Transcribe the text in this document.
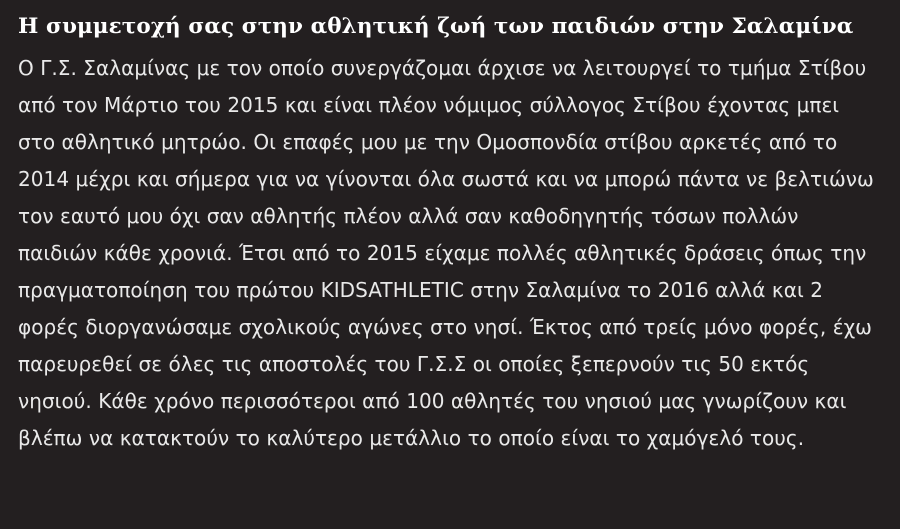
Η συμμετοχή σας στην αθλητική ζωή των παιδιών στην Σαλαμίνα

Ο Γ.Σ. Σαλαμίνας με τον οποίο συνεργάζομαι άρχισε να λειτουργεί το τμήμα Στίβου από τον Μάρτιο του 2015 και είναι πλέον νόμιμος σύλλογος Στίβου έχοντας μπει στο αθλητικό μητρώο. Οι επαφές μου με την Ομοσπονδία στίβου αρκετές από το 2014 μέχρι και σήμερα για να γίνονται όλα σωστά και να μπορώ πάντα νε βελτιώνω τον εαυτό μου όχι σαν αθλητής πλέον αλλά σαν καθοδηγητής τόσων πολλών παιδιών κάθε χρονιά. Έτσι από το 2015 είχαμε πολλές αθλητικές δράσεις όπως την πραγματοποίηση του πρώτου KIDSATHLETIC στην Σαλαμίνα το 2016 αλλά και 2 φορές διοργανώσαμε σχολικούς αγώνες στο νησί. Έκτος από τρείς μόνο φορές, έχω παρευρεθεί σε όλες τις αποστολές του Γ.Σ.Σ οι οποίες ξεπερνούν τις 50 εκτός νησιού. Κάθε χρόνο περισσότεροι από 100 αθλητές του νησιού μας γνωρίζουν και βλέπω να κατακτούν το καλύτερο μετάλλιο το οποίο είναι το χαμόγελό τους.
